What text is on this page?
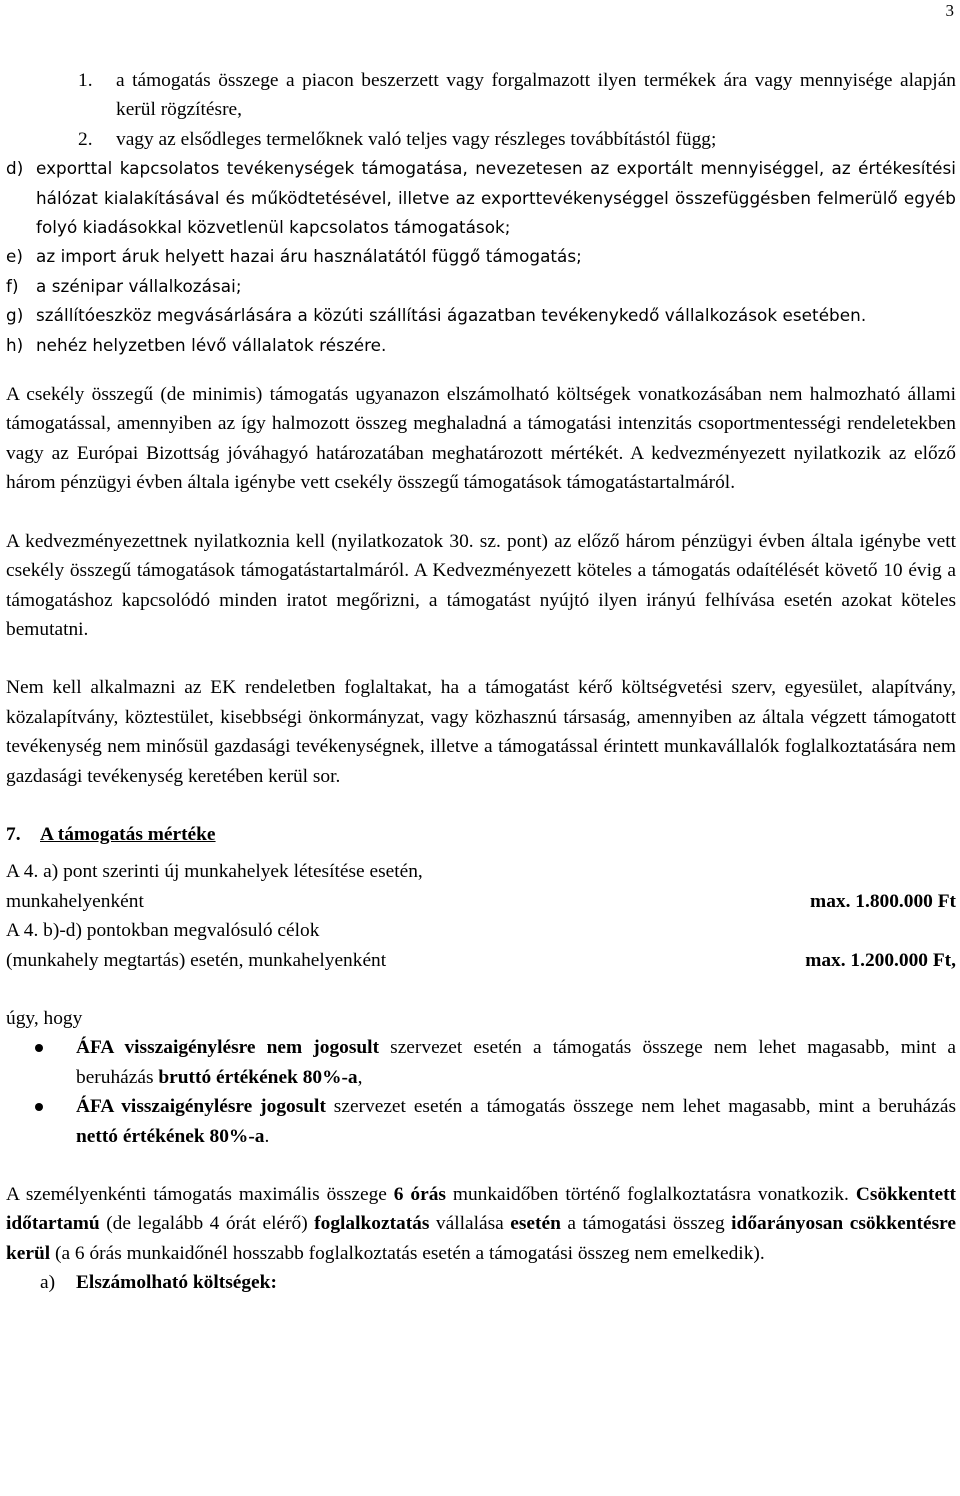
3
1.	a támogatás összege a piacon beszerzett vagy forgalmazott ilyen termékek ára vagy mennyisége alapján kerül rögzítésre,
2.	vagy az elsődleges termelőknek való teljes vagy részleges továbbítástól függ;
d) exporttal kapcsolatos tevékenységek támogatása, nevezetesen az exportált mennyiséggel, az értékesítési hálózat kialakításával és működtetésével, illetve az exporttevékenységgel összefüggésben felmerülő egyéb folyó kiadásokkal közvetlenül kapcsolatos támogatások;
e) az import áruk helyett hazai áru használatától függő támogatás;
f)	a szénipar vállalkozásai;
g) szállítóeszköz megvásárlására a közúti szállítási ágazatban tevékenykedő vállalkozások esetében.
h) nehéz helyzetben lévő vállalatok részére.

A csekély összegű (de minimis) támogatás ugyanazon elszámolható költségek vonatkozásában nem halmozható állami támogatással, amennyiben az így halmozott összeg meghaladná a támogatási intenzitás csoportmentességi rendeletekben vagy az Európai Bizottság jóváhagyó határozatában meghatározott mértékét. A kedvezményezett nyilatkozik az előző három pénzügyi évben általa igénybe vett csekély összegű támogatások támogatástartalmáról.

A kedvezményezettnek nyilatkoznia kell (nyilatkozatok 30. sz. pont) az előző három pénzügyi évben általa igénybe vett csekély összegű támogatások támogatástartalmáról. A Kedvezményezett köteles a támogatás odaítélését követő 10 évig a támogatáshoz kapcsolódó minden iratot megőrizni, a támogatást nyújtó ilyen irányú felhívása esetén azokat köteles bemutatni.

Nem kell alkalmazni az EK rendeletben foglaltakat, ha a támogatást kérő költségvetési szerv, egyesület, alapítvány, közalapítvány, köztestület, kisebbségi önkormányzat, vagy közhasznú társaság, amennyiben az általa végzett támogatott tevékenység nem minősül gazdasági tevékenységnek, illetve a támogatással érintett munkavállalók foglalkoztatására nem gazdasági tevékenység keretében kerül sor.

7.	A támogatás mértéke

A 4. a) pont szerinti új munkahelyek létesítése esetén,

munkahelyenként	max. 1.800.000 Ft

A 4. b)-d) pontokban megvalósuló célok

(munkahely megtartás) esetén, munkahelyenként	max. 1.200.000 Ft,

úgy, hogy

ÁFA visszaigénylésre nem jogosult szervezet esetén a támogatás összege nem lehet magasabb, mint a beruházás bruttó értékének 80%-a,
ÁFA visszaigénylésre jogosult szervezet esetén a támogatás összege nem lehet magasabb, mint a beruházás nettó értékének 80%-a.

A személyenkénti támogatás maximális összege 6 órás munkaidőben történő foglalkoztatásra vonatkozik. Csökkentett időtartamú (de legalább 4 órát elérő) foglalkoztatás vállalása esetén a támogatási összeg időarányosan csökkentésre kerül (a 6 órás munkaidőnél hosszabb foglalkoztatás esetén a támogatási összeg nem emelkedik).

a)	Elszámolható költségek:
